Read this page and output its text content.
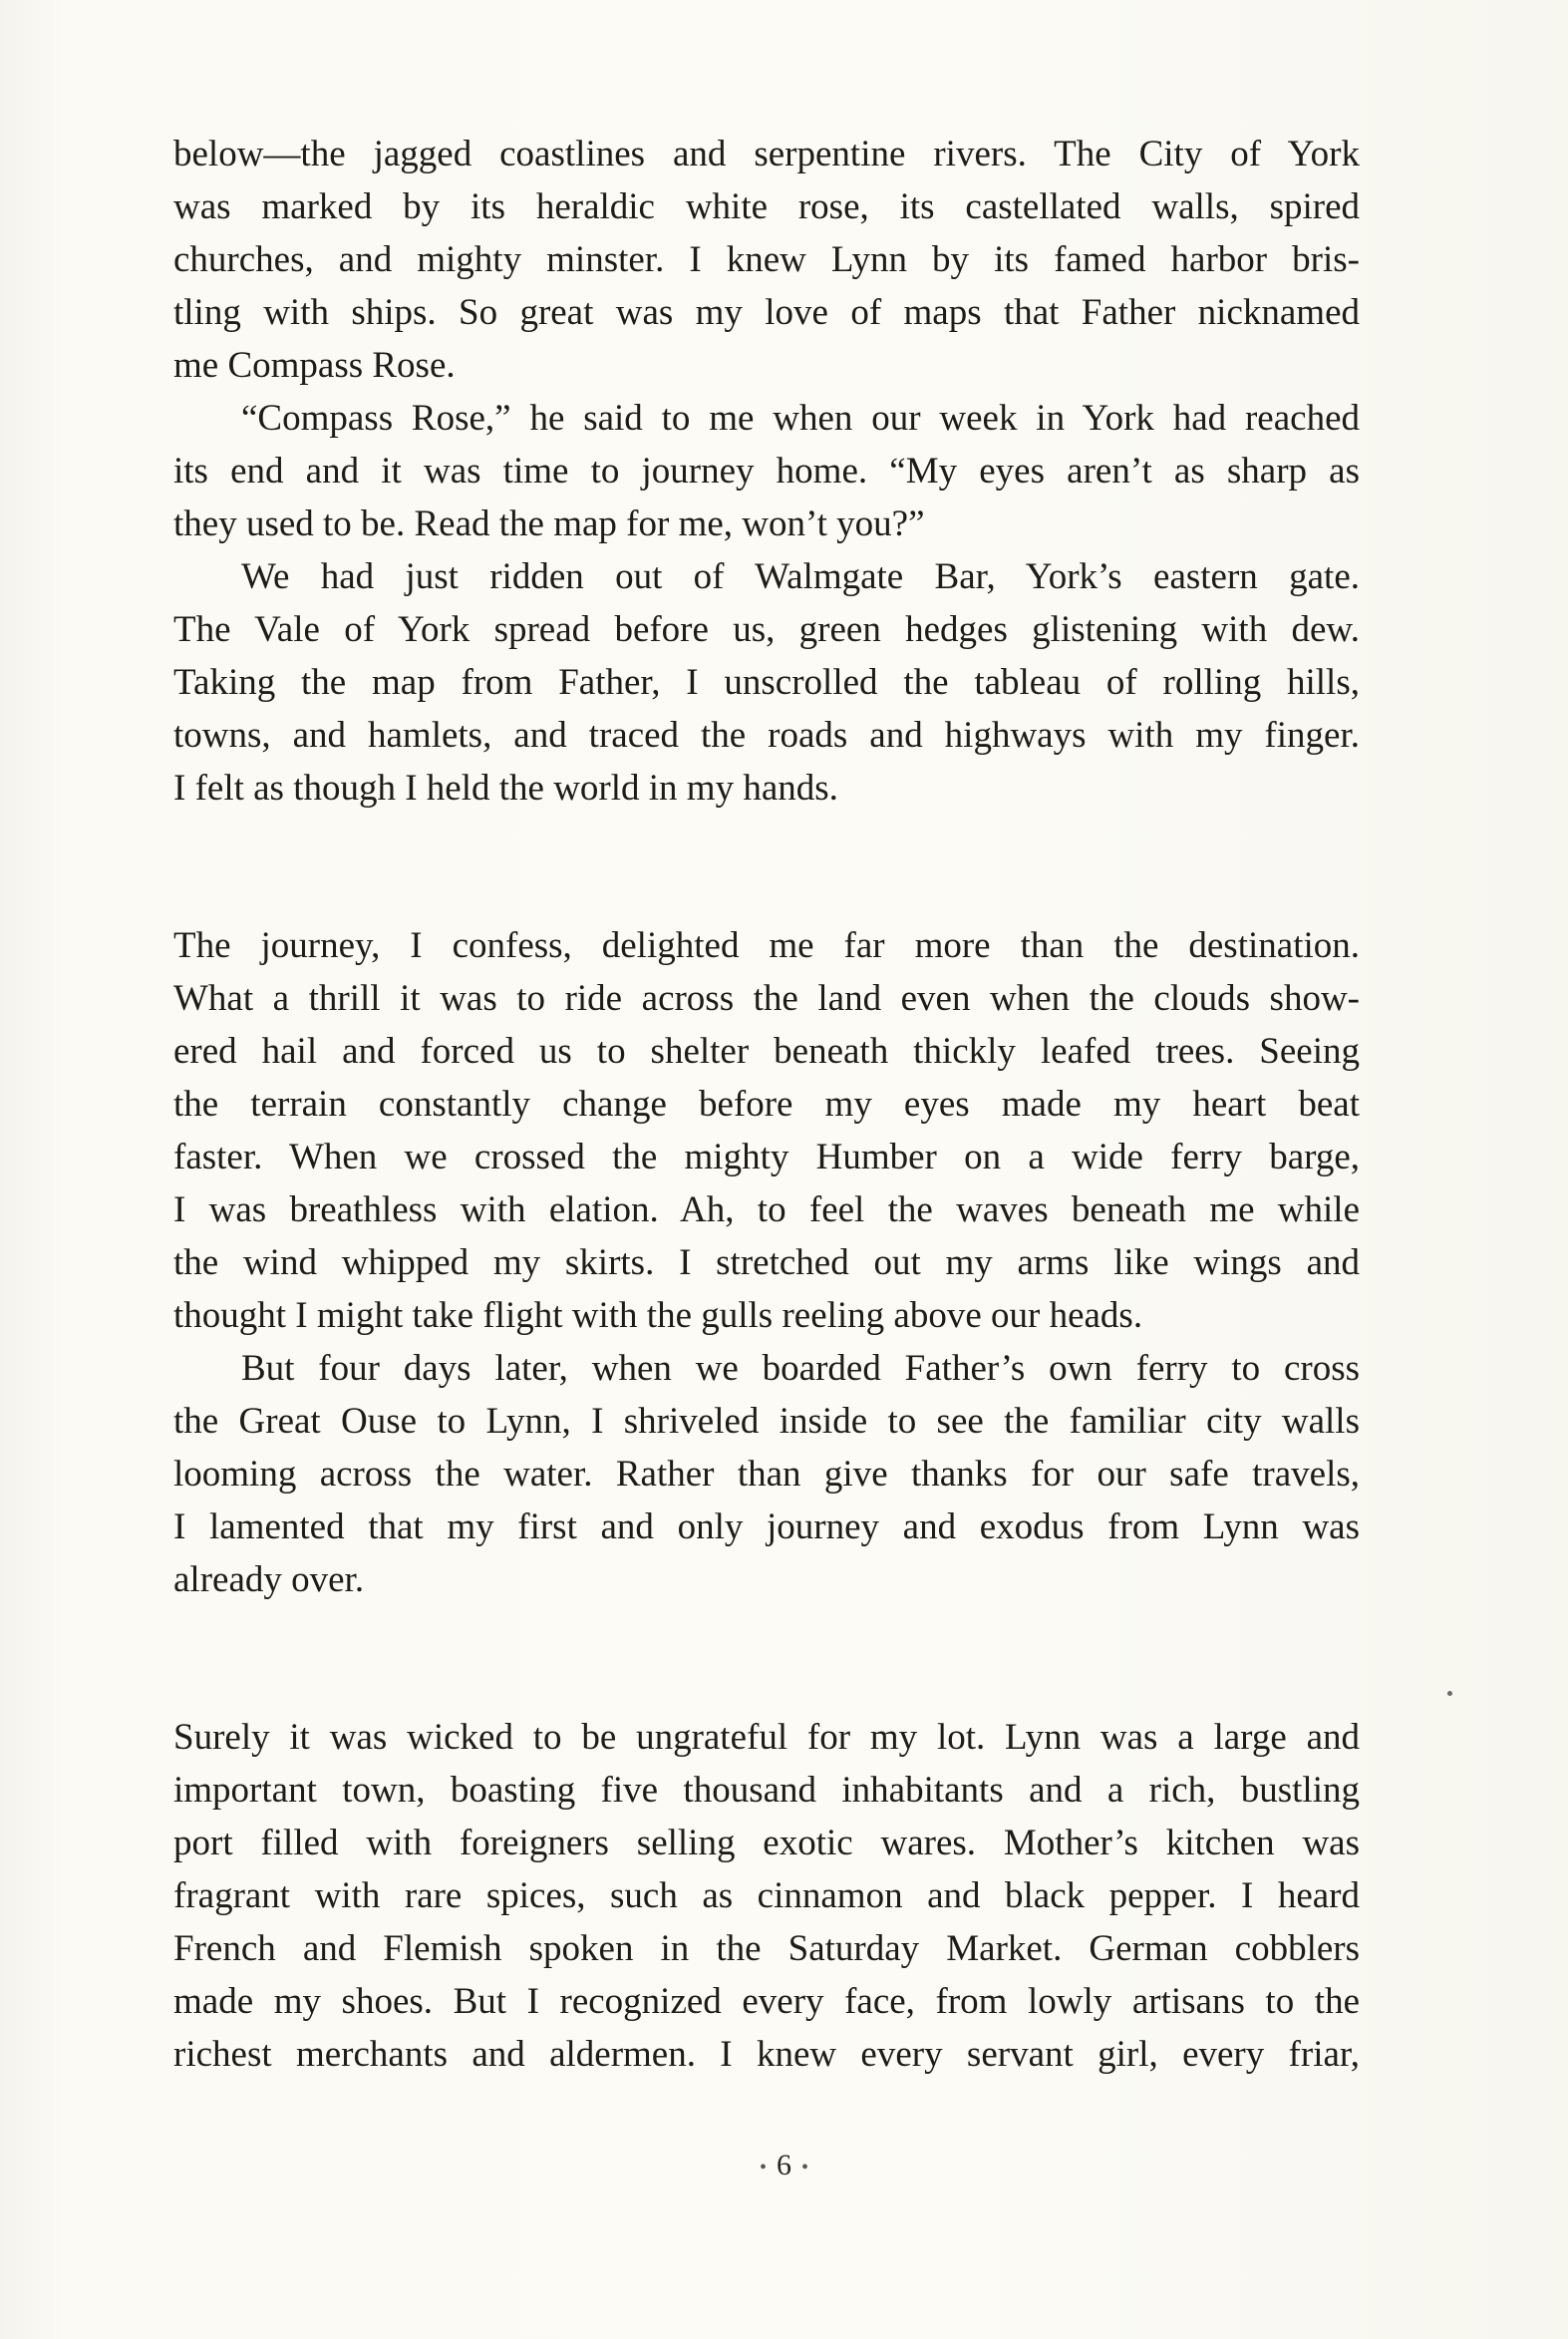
below—the jagged coastlines and serpentine rivers. The City of York
was marked by its heraldic white rose, its castellated walls, spired
churches, and mighty minster. I knew Lynn by its famed harbor bris-
tling with ships. So great was my love of maps that Father nicknamed
me Compass Rose.
“Compass Rose,” he said to me when our week in York had reached
its end and it was time to journey home. “My eyes aren’t as sharp as
they used to be. Read the map for me, won’t you?”
We had just ridden out of Walmgate Bar, York’s eastern gate.
The Vale of York spread before us, green hedges glistening with dew.
Taking the map from Father, I unscrolled the tableau of rolling hills,
towns, and hamlets, and traced the roads and highways with my finger.
I felt as though I held the world in my hands.
The journey, I confess, delighted me far more than the destination.
What a thrill it was to ride across the land even when the clouds show-
ered hail and forced us to shelter beneath thickly leafed trees. Seeing
the terrain constantly change before my eyes made my heart beat
faster. When we crossed the mighty Humber on a wide ferry barge,
I was breathless with elation. Ah, to feel the waves beneath me while
the wind whipped my skirts. I stretched out my arms like wings and
thought I might take flight with the gulls reeling above our heads.
But four days later, when we boarded Father’s own ferry to cross
the Great Ouse to Lynn, I shriveled inside to see the familiar city walls
looming across the water. Rather than give thanks for our safe travels,
I lamented that my first and only journey and exodus from Lynn was
already over.
Surely it was wicked to be ungrateful for my lot. Lynn was a large and
important town, boasting five thousand inhabitants and a rich, bustling
port filled with foreigners selling exotic wares. Mother’s kitchen was
fragrant with rare spices, such as cinnamon and black pepper. I heard
French and Flemish spoken in the Saturday Market. German cobblers
made my shoes. But I recognized every face, from lowly artisans to the
richest merchants and aldermen. I knew every servant girl, every friar,
• 6 •
